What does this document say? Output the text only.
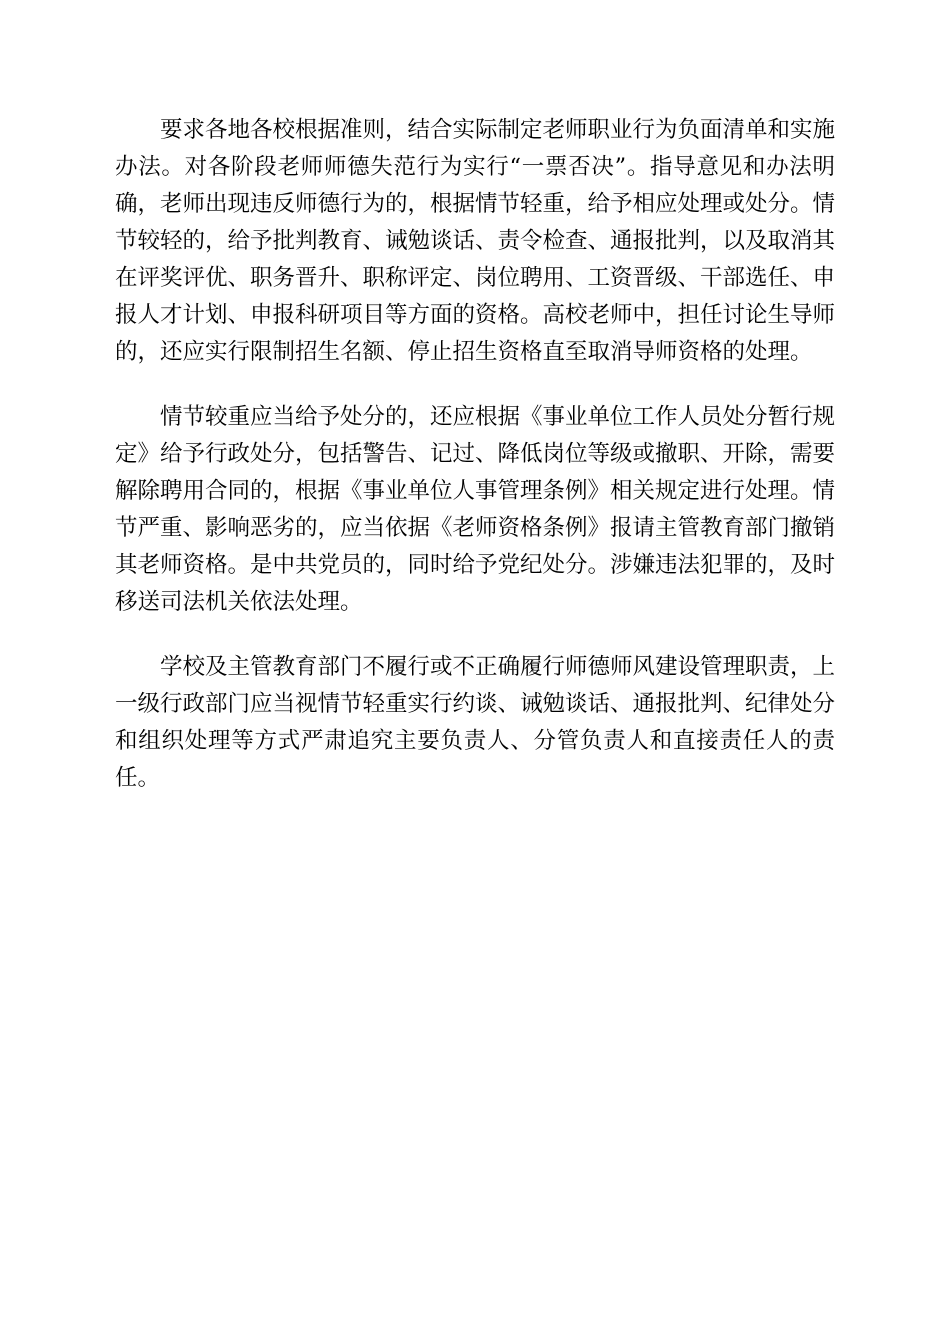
要求各地各校根据准则，结合实际制定老师职业行为负面清单和实施办法。对各阶段老师师德失范行为实行“一票否决”。指导意见和办法明确，老师出现违反师德行为的，根据情节轻重，给予相应处理或处分。情节较轻的，给予批判教育、诫勉谈话、责令检查、通报批判，以及取消其在评奖评优、职务晋升、职称评定、岗位聘用、工资晋级、干部选任、申报人才计划、申报科研项目等方面的资格。高校老师中，担任讨论生导师的，还应实行限制招生名额、停止招生资格直至取消导师资格的处理。

情节较重应当给予处分的，还应根据《事业单位工作人员处分暂行规定》给予行政处分，包括警告、记过、降低岗位等级或撤职、开除，需要解除聘用合同的，根据《事业单位人事管理条例》相关规定进行处理。情节严重、影响恶劣的，应当依据《老师资格条例》报请主管教育部门撤销其老师资格。是中共党员的，同时给予党纪处分。涉嫌违法犯罪的，及时移送司法机关依法处理。

学校及主管教育部门不履行或不正确履行师德师风建设管理职责，上一级行政部门应当视情节轻重实行约谈、诫勉谈话、通报批判、纪律处分和组织处理等方式严肃追究主要负责人、分管负责人和直接责任人的责任。
